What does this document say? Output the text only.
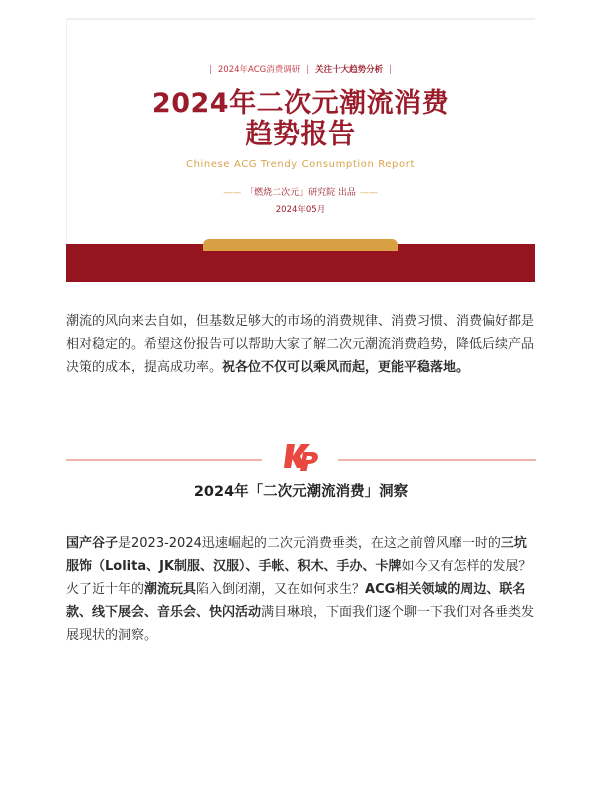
| 2024年ACG消费调研 | 关注十大趋势分析 |
2024年二次元潮流消费
趋势报告
Chinese ACG Trendy Consumption Report
—— 「燃烧二次元」研究院 出品 ——
2024年05月
潮流的风向来去自如，但基数足够大的市场的消费规律、消费习惯、消费偏好都是相对稳定的。希望这份报告可以帮助大家了解二次元潮流消费趋势，降低后续产品决策的成本，提高成功率。祝各位不仅可以乘风而起，更能平稳落地。
2024年「二次元潮流消费」洞察
国产谷子是2023-2024迅速崛起的二次元消费垂类，在这之前曾风靡一时的三坑服饰（Lolita、JK制服、汉服）、手帐、积木、手办、卡牌如今又有怎样的发展？火了近十年的潮流玩具陷入倒闭潮，又在如何求生？ACG相关领域的周边、联名款、线下展会、音乐会、快闪活动满目琳琅，下面我们逐个聊一下我们对各垂类发展现状的洞察。
